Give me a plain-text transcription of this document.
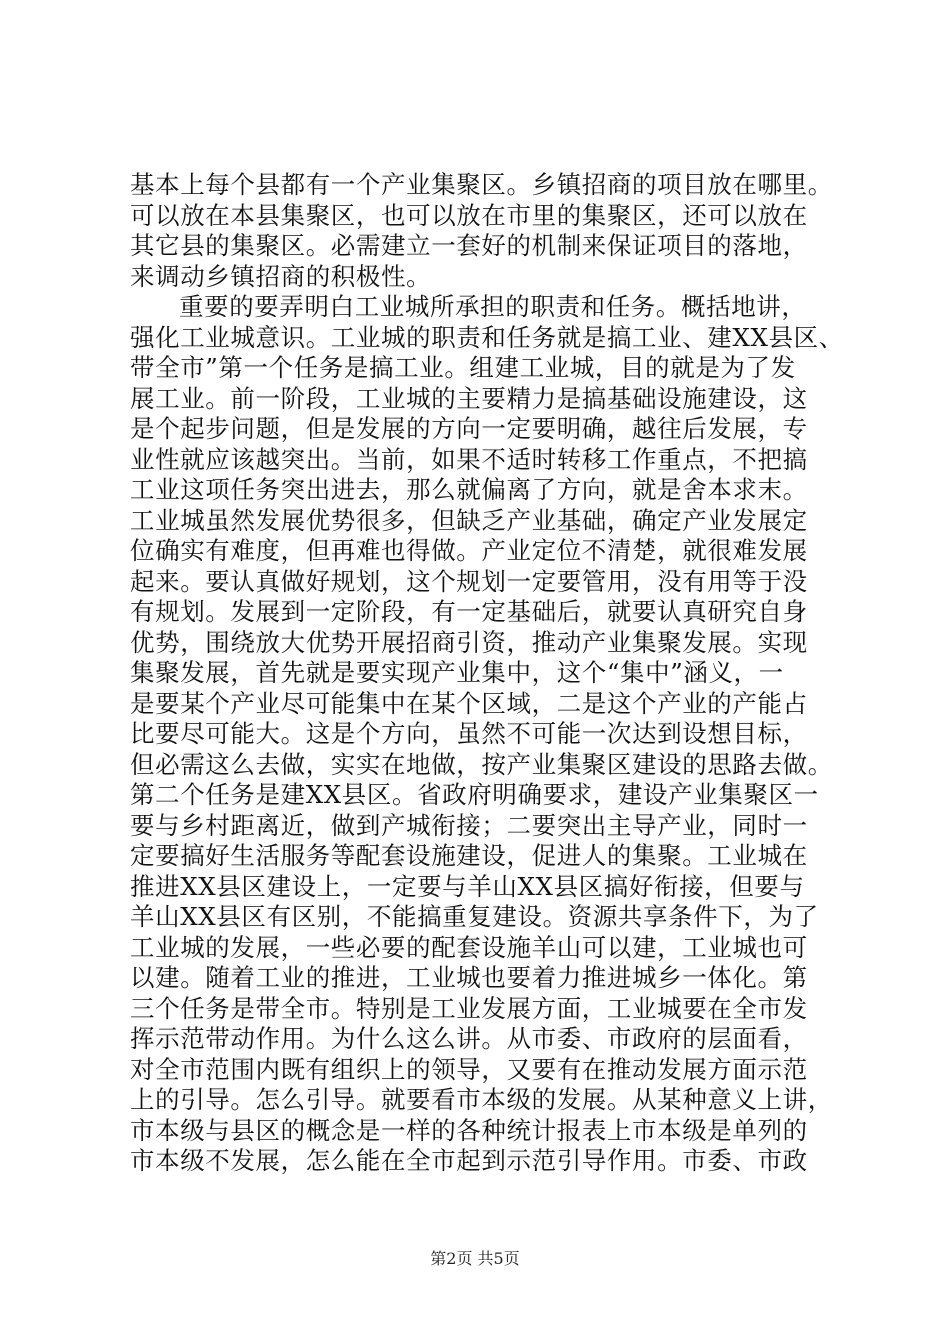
基本上每个县都有一个产业集聚区。乡镇招商的项目放在哪里。
可以放在本县集聚区，也可以放在市里的集聚区，还可以放在
其它县的集聚区。必需建立一套好的机制来保证项目的落地，
来调动乡镇招商的积极性。
重要的要弄明白工业城所承担的职责和任务。概括地讲，
强化工业城意识。工业城的职责和任务就是搞工业、建XX县区、
带全市”第一个任务是搞工业。组建工业城，目的就是为了发
展工业。前一阶段，工业城的主要精力是搞基础设施建设，这
是个起步问题，但是发展的方向一定要明确，越往后发展，专
业性就应该越突出。当前，如果不适时转移工作重点，不把搞
工业这项任务突出进去，那么就偏离了方向，就是舍本求末。
工业城虽然发展优势很多，但缺乏产业基础，确定产业发展定
位确实有难度，但再难也得做。产业定位不清楚，就很难发展
起来。要认真做好规划，这个规划一定要管用，没有用等于没
有规划。发展到一定阶段，有一定基础后，就要认真研究自身
优势，围绕放大优势开展招商引资，推动产业集聚发展。实现
集聚发展，首先就是要实现产业集中，这个“集中”涵义，一
是要某个产业尽可能集中在某个区域，二是这个产业的产能占
比要尽可能大。这是个方向，虽然不可能一次达到设想目标，
但必需这么去做，实实在地做，按产业集聚区建设的思路去做。
第二个任务是建XX县区。省政府明确要求，建设产业集聚区一
要与乡村距离近，做到产城衔接；二要突出主导产业，同时一
定要搞好生活服务等配套设施建设，促进人的集聚。工业城在
推进XX县区建设上，一定要与羊山XX县区搞好衔接，但要与
羊山XX县区有区别，不能搞重复建设。资源共享条件下，为了
工业城的发展，一些必要的配套设施羊山可以建，工业城也可
以建。随着工业的推进，工业城也要着力推进城乡一体化。第
三个任务是带全市。特别是工业发展方面，工业城要在全市发
挥示范带动作用。为什么这么讲。从市委、市政府的层面看，
对全市范围内既有组织上的领导，又要有在推动发展方面示范
上的引导。怎么引导。就要看市本级的发展。从某种意义上讲，
市本级与县区的概念是一样的各种统计报表上市本级是单列的
市本级不发展，怎么能在全市起到示范引导作用。市委、市政
第2页 共5页
